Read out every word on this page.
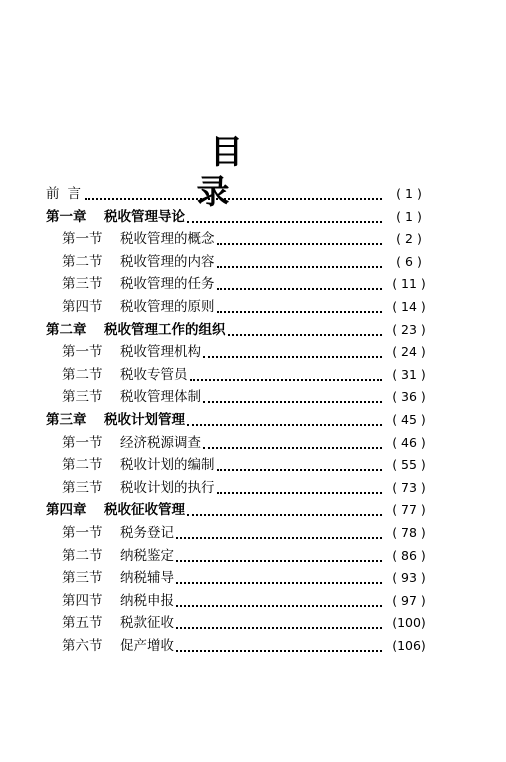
目　录
前言	( 1 )
第一章 税收管理导论	( 1 )
第一节 税收管理的概念	( 2 )
第二节 税收管理的内容	( 6 )
第三节 税收管理的任务	( 11 )
第四节 税收管理的原则	( 14 )
第二章 税收管理工作的组织	( 23 )
第一节 税收管理机构	( 24 )
第二节 税收专管员	( 31 )
第三节 税收管理体制	( 36 )
第三章 税收计划管理	( 45 )
第一节 经济税源调查	( 46 )
第二节 税收计划的编制	( 55 )
第三节 税收计划的执行	( 73 )
第四章 税收征收管理	( 77 )
第一节 税务登记	( 78 )
第二节 纳税鉴定	( 86 )
第三节 纳税辅导	( 93 )
第四节 纳税申报	( 97 )
第五节 税款征收	(100)
第六节 促产增收	(106)
